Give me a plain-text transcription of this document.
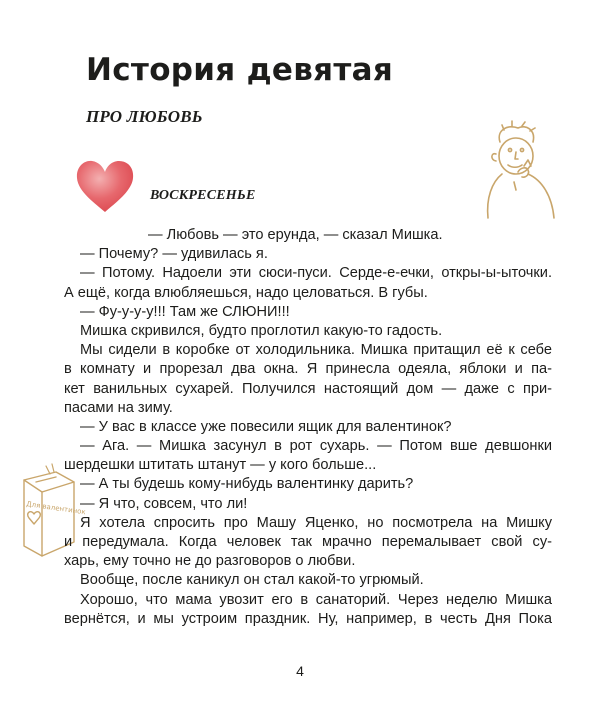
История девятая
ПРО ЛЮБОВЬ
ВОСКРЕСЕНЬЕ
Для валентинок
— Любовь — это ерунда, — сказал Мишка.
— Почему? — удивилась я.
— Потому. Надоели эти сюси-пуси. Серде-е-ечки, откры-ы-ыточки.
А ещё, когда влюбляешься, надо целоваться. В губы.
— Фу-у-у-у!!! Там же СЛЮНИ!!!
Мишка скривился, будто проглотил какую-то гадость.
Мы сидели в коробке от холодильника. Мишка притащил её к себе
в комнату и прорезал два окна. Я принесла одеяла, яблоки и па-
кет ванильных сухарей. Получился настоящий дом — даже с при-
пасами на зиму.
— У вас в классе уже повесили ящик для валентинок?
— Ага. — Мишка засунул в рот сухарь. — Потом вше девшонки
шердешки штитать штанут — у кого больше...
— А ты будешь кому-нибудь валентинку дарить?
— Я что, совсем, что ли!
Я хотела спросить про Машу Яценко, но посмотрела на Мишку
и передумала. Когда человек так мрачно перемалывает свой су-
харь, ему точно не до разговоров о любви.
Вообще, после каникул он стал какой-то угрюмый.
Хорошо, что мама увозит его в санаторий. Через неделю Мишка
вернётся, и мы устроим праздник. Ну, например, в честь Дня Пока
4
